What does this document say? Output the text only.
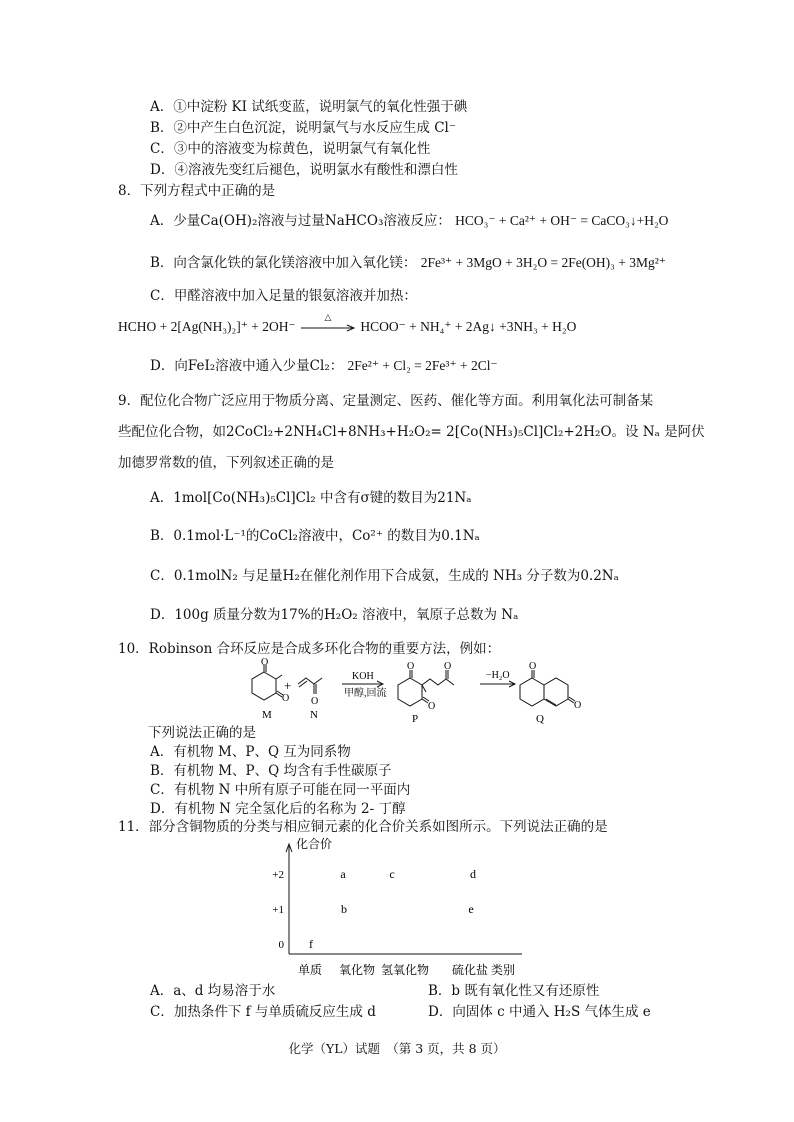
A．①中淀粉 KI 试纸变蓝，说明氯气的氧化性强于碘
B．②中产生白色沉淀，说明氯气与水反应生成 Cl⁻
C．③中的溶液变为棕黄色，说明氯气有氧化性
D．④溶液先变红后褪色，说明氯水有酸性和漂白性
8．下列方程式中正确的是
A．少量Ca(OH)₂溶液与过量NaHCO₃溶液反应： HCO₃⁻ + Ca²⁺ + OH⁻ = CaCO₃↓+H₂O
B．向含氯化铁的氯化镁溶液中加入氧化镁： 2Fe³⁺ + 3MgO + 3H₂O = 2Fe(OH)₃ + 3Mg²⁺
C．甲醛溶液中加入足量的银氨溶液并加热：
HCHO + 2[Ag(NH₃)₂]⁺ + 2OH⁻
△
HCOO⁻ + NH₄⁺ + 2Ag↓ +3NH₃ + H₂O
D．向FeI₂溶液中通入少量Cl₂： 2Fe²⁺ + Cl₂ = 2Fe³⁺ + 2Cl⁻
9．配位化合物广泛应用于物质分离、定量测定、医药、催化等方面。利用氧化法可制备某
些配位化合物，如2CoCl₂+2NH₄Cl+8NH₃+H₂O₂= 2[Co(NH₃)₅Cl]Cl₂+2H₂O。设 Nₐ 是阿伏
加德罗常数的值，下列叙述正确的是
A．1mol[Co(NH₃)₅Cl]Cl₂ 中含有σ键的数目为21Nₐ
B．0.1mol·L⁻¹的CoCl₂溶液中，Co²⁺ 的数目为0.1Nₐ
C．0.1molN₂ 与足量H₂在催化剂作用下合成氨，生成的 NH₃ 分子数为0.2Nₐ
D．100g 质量分数为17%的H₂O₂ 溶液中，氧原子总数为 Nₐ
10．Robinson 合环反应是合成多环化合物的重要方法，例如：
O
O O
+
M	N
KOH
甲醇,回流
O
O
O
P
−H₂O
O
O
Q
下列说法正确的是
A．有机物 M、P、Q 互为同系物
B．有机物 M、P、Q 均含有手性碳原子
C．有机物 N 中所有原子可能在同一平面内
D．有机物 N 完全氢化后的名称为 2- 丁醇
11．部分含铜物质的分类与相应铜元素的化合价关系如图所示。下列说法正确的是
化合价
类别
+2
+1
0
单质 氧化物 氢氧化物 硫化盐
a	c	d
b	e
f
A．a、d 均易溶于水	B．b 既有氧化性又有还原性
C．加热条件下 f 与单质硫反应生成 d	D．向固体 c 中通入 H₂S 气体生成 e
化学（YL）试题　（第 3 页，共 8 页）
